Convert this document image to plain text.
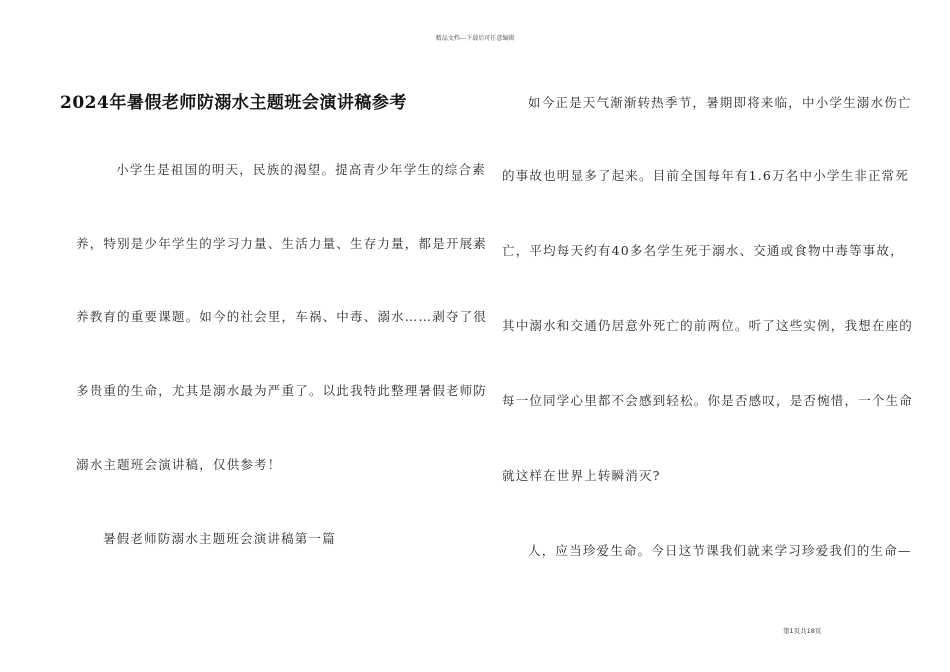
精品文档---下载后可任意编辑
2024年暑假老师防溺水主题班会演讲稿参考
小学生是祖国的明天，民族的渴望。提高青少年学生的综合素
养，特别是少年学生的学习力量、生活力量、生存力量，都是开展素
养教育的重要课题。如今的社会里，车祸、中毒、溺水……剥夺了很
多贵重的生命，尤其是溺水最为严重了。以此我特此整理暑假老师防
溺水主题班会演讲稿，仅供参考！
暑假老师防溺水主题班会演讲稿第一篇
如今正是天气渐渐转热季节，暑期即将来临，中小学生溺水伤亡
的事故也明显多了起来。目前全国每年有1.6万名中小学生非正常死
亡，平均每天约有40多名学生死于溺水、交通或食物中毒等事故，
其中溺水和交通仍居意外死亡的前两位。听了这些实例，我想在座的
每一位同学心里都不会感到轻松。你是否感叹，是否惋惜，一个生命
就这样在世界上转瞬消灭?
人，应当珍爱生命。今日这节课我们就来学习珍爱我们的生命—
第1页共18页
